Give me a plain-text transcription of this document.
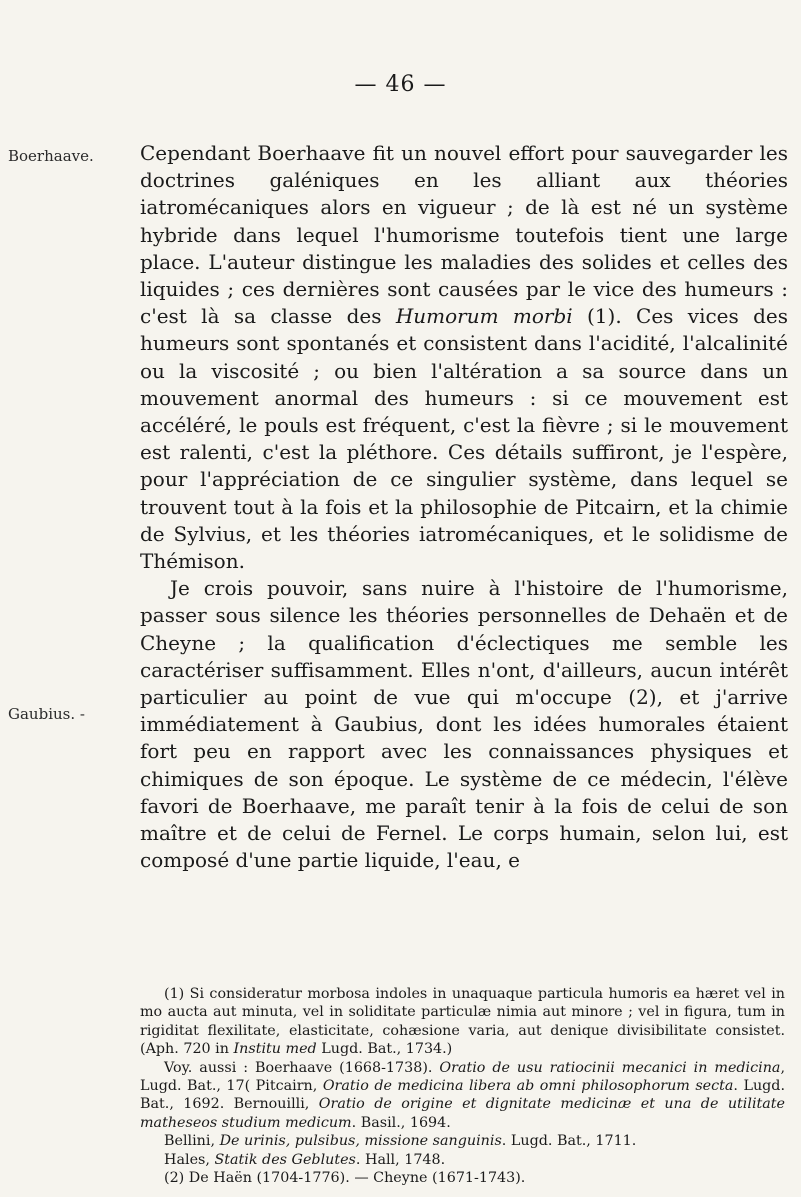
— 46 —
Boerhaave.
Gaubius. -

Cependant Boerhaave fit un nouvel effort pour sauvegarder les doctrines galéniques en les alliant aux théories iatromécaniques alors en vigueur ; de là est né un système hybride dans lequel l'humorisme toutefois tient une large place. L'auteur distingue les maladies des solides et celles des liquides ; ces dernières sont causées par le vice des humeurs : c'est là sa classe des Humorum morbi (1). Ces vices des humeurs sont spontanés et consistent dans l'acidité, l'alcalinité ou la viscosité ; ou bien l'altération a sa source dans un mouvement anormal des humeurs : si ce mouvement est accéléré, le pouls est fréquent, c'est la fièvre ; si le mouvement est ralenti, c'est la pléthore. Ces détails suffiront, je l'espère, pour l'appréciation de ce singulier système, dans lequel se trouvent tout à la fois et la philosophie de Pitcairn, et la chimie de Sylvius, et les théories iatromécaniques, et le solidisme de Thémison.

Je crois pouvoir, sans nuire à l'histoire de l'humorisme, passer sous silence les théories personnelles de Dehaën et de Cheyne ; la qualification d'éclectiques me semble les caractériser suffisamment. Elles n'ont, d'ailleurs, aucun intérêt particulier au point de vue qui m'occupe (2), et j'arrive immédiatement à Gaubius, dont les idées humorales étaient fort peu en rapport avec les connaissances physiques et chimiques de son époque. Le système de ce médecin, l'élève favori de Boerhaave, me paraît tenir à la fois de celui de son maître et de celui de Fernel. Le corps humain, selon lui, est composé d'une partie liquide, l'eau, e

(1) Si consideratur morbosa indoles in unaquaque particula humoris ea hæret vel in mo aucta aut minuta, vel in soliditate particulæ nimia aut minore ; vel in figura, tum in rigiditat flexilitate, elasticitate, cohæsione varia, aut denique divisibilitate consistet. (Aph. 720 in Institu med Lugd. Bat., 1734.)

Voy. aussi : Boerhaave (1668-1738). Oratio de usu ratiocinii mecanici in medicina, Lugd. Bat., 17( Pitcairn, Oratio de medicina libera ab omni philosophorum secta. Lugd. Bat., 1692. Bernouilli, Oratio de origine et dignitate medicinæ et una de utilitate matheseos studium medicum. Basil., 1694.

Bellini, De urinis, pulsibus, missione sanguinis. Lugd. Bat., 1711.

Hales, Statik des Geblutes. Hall, 1748.

(2) De Haën (1704-1776). — Cheyne (1671-1743).
